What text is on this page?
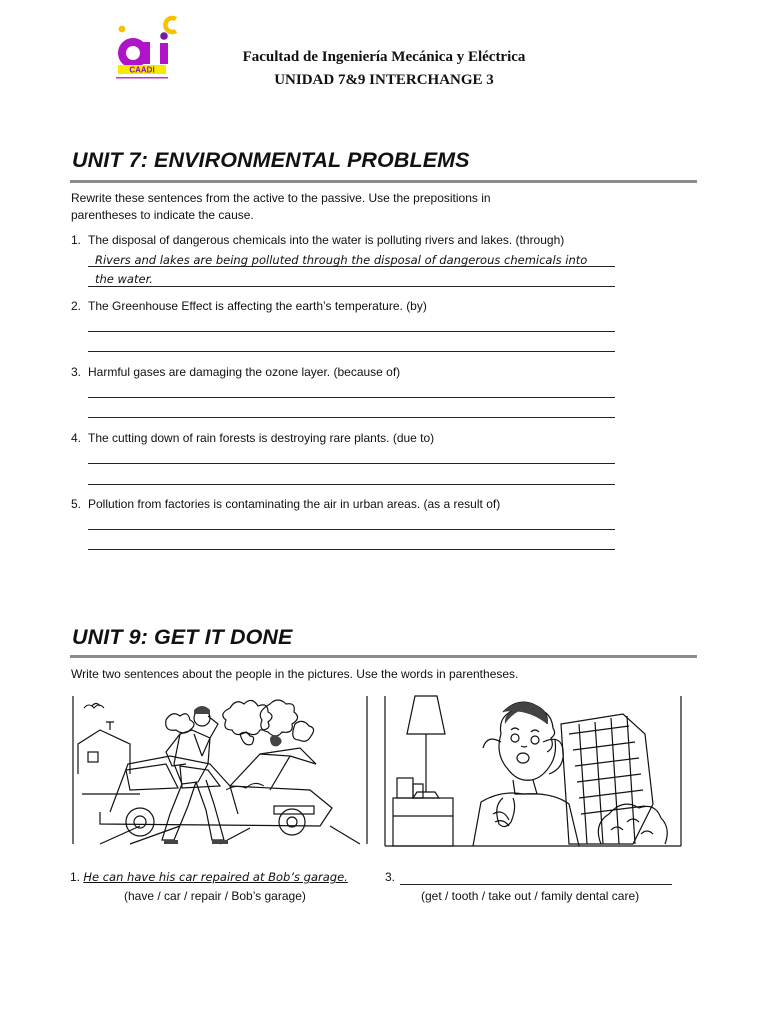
CAADI
Facultad de Ingeniería Mecánica y Eléctrica
UNIDAD 7&9 INTERCHANGE 3
UNIT 7: ENVIRONMENTAL PROBLEMS
Rewrite these sentences from the active to the passive. Use the prepositions in parentheses to indicate the cause.
1. The disposal of dangerous chemicals into the water is polluting rivers and lakes. (through)
Rivers and lakes are being polluted through the disposal of dangerous chemicals into
the water.
2. The Greenhouse Effect is affecting the earth’s temperature. (by)
3. Harmful gases are damaging the ozone layer. (because of)
4. The cutting down of rain forests is destroying rare plants. (due to)
5. Pollution from factories is contaminating the air in urban areas. (as a result of)
UNIT 9: GET IT DONE
Write two sentences about the people in the pictures. Use the words in parentheses.
1. He can have his car repaired at Bob’s garage.
(have / car / repair / Bob’s garage)
3.
(get / tooth / take out / family dental care)
